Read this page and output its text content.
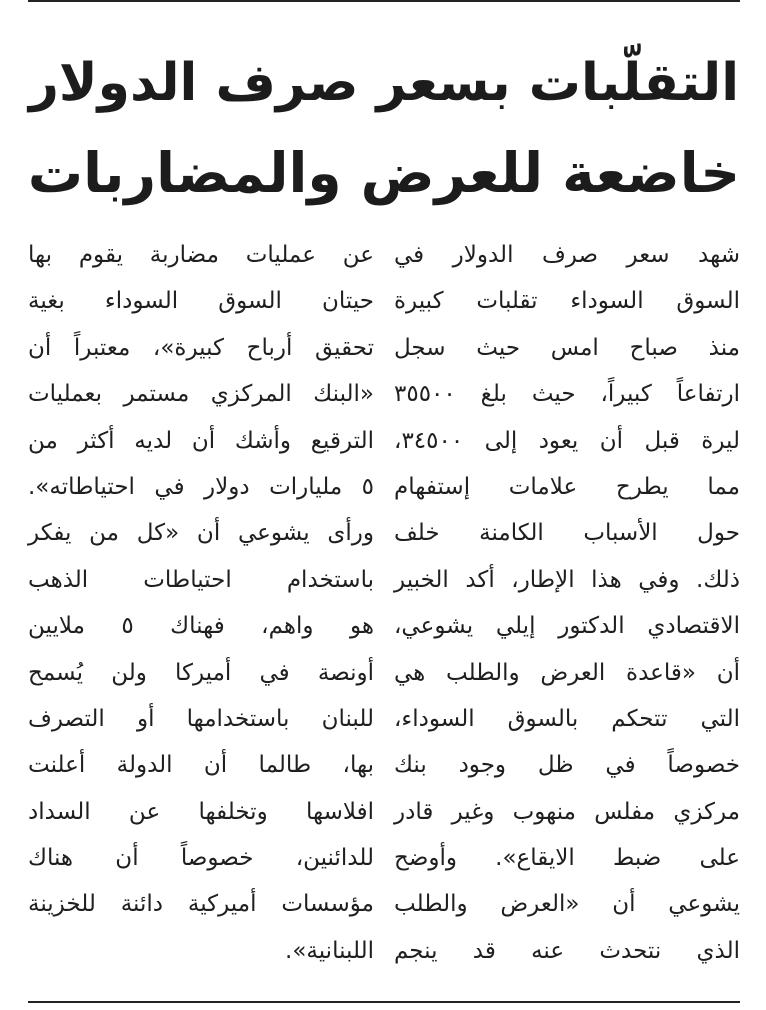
التقلّبات بسعر صرف الدولار
خاضعة للعرض والمضاربات
شهد سعر صرف الدولار في
السوق السوداء تقلبات كبيرة
منذ صباح امس حيث سجل
ارتفاعاً كبيراً، حيث بلغ ٣٥٥٠٠
ليرة قبل أن يعود إلى ٣٤٥٠٠،
مما يطرح علامات إستفهام
حول الأسباب الكامنة خلف
ذلك. وفي هذا الإطار، أكد الخبير
الاقتصادي الدكتور إيلي يشوعي،
أن «قاعدة العرض والطلب هي
التي تتحكم بالسوق السوداء،
خصوصاً في ظل وجود بنك
مركزي مفلس منهوب وغير قادر
على ضبط الايقاع». وأوضح
يشوعي أن «العرض والطلب
الذي نتحدث عنه قد ينجم
عن عمليات مضاربة يقوم بها
حيتان السوق السوداء بغية
تحقيق أرباح كبيرة»، معتبراً أن
«البنك المركزي مستمر بعمليات
الترقيع وأشك أن لديه أكثر من
٥ مليارات دولار في احتياطاته».
ورأى يشوعي أن «كل من يفكر
باستخدام احتياطات الذهب
هو واهم، فهناك ٥ ملايين
أونصة في أميركا ولن يُسمح
للبنان باستخدامها أو التصرف
بها، طالما أن الدولة أعلنت
افلاسها وتخلفها عن السداد
للدائنين، خصوصاً أن هناك
مؤسسات أميركية دائنة للخزينة
اللبنانية».
